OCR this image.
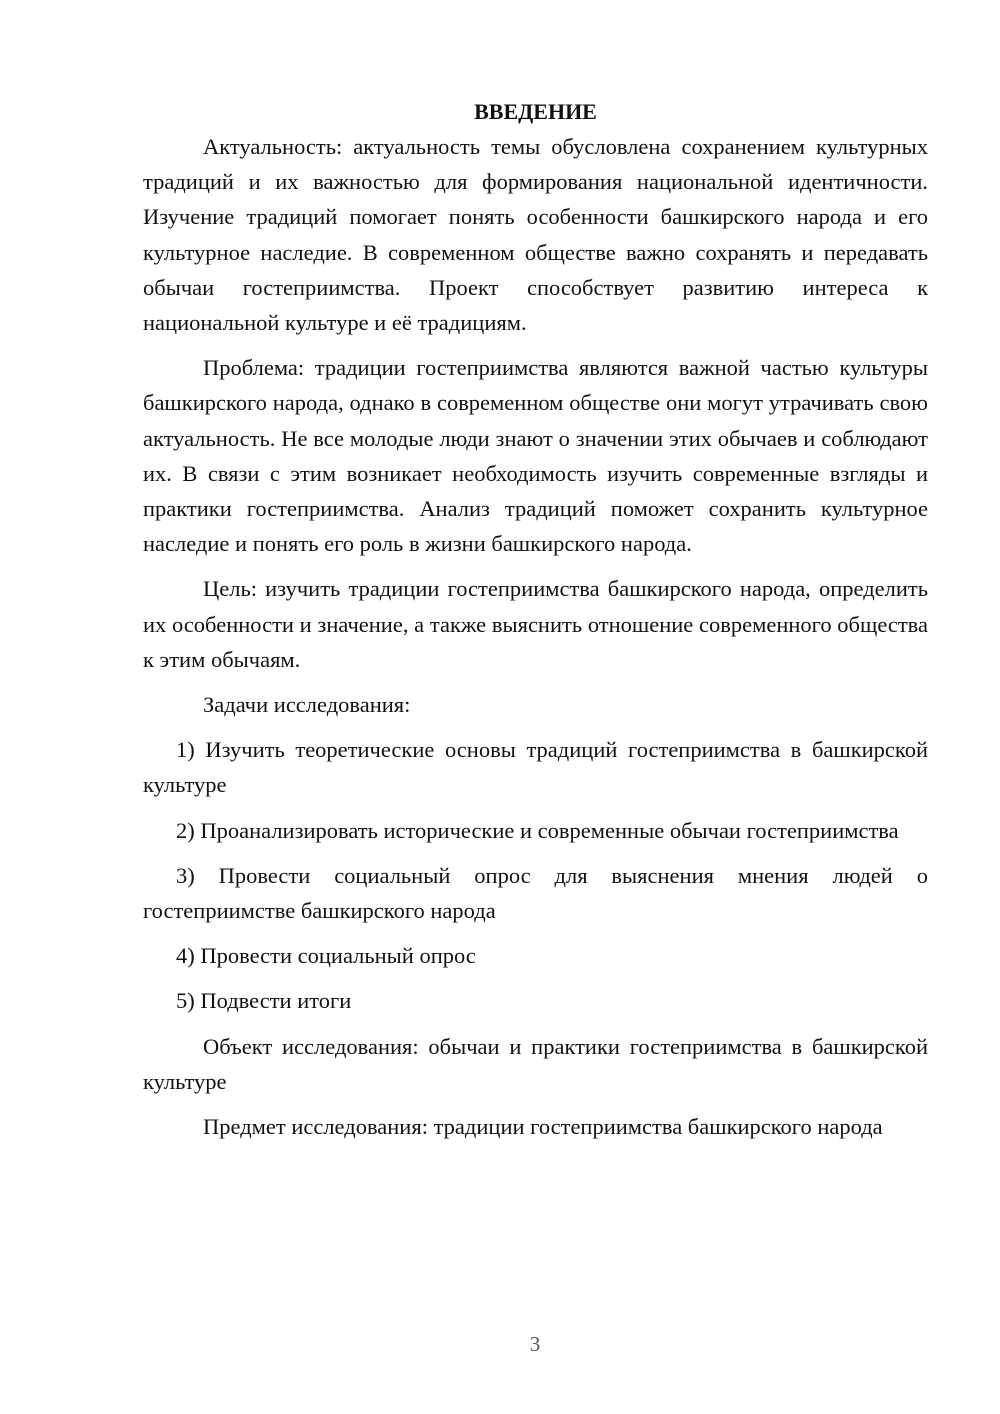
ВВЕДЕНИЕ

Актуальность: актуальность темы обусловлена сохранением культурных традиций и их важностью для формирования национальной идентичности. Изучение традиций помогает понять особенности башкирского народа и его культурное наследие. В современном обществе важно сохранять и передавать обычаи гостеприимства. Проект способствует развитию интереса к национальной культуре и её традициям.

Проблема: традиции гостеприимства являются важной частью культуры башкирского народа, однако в современном обществе они могут утрачивать свою актуальность. Не все молодые люди знают о значении этих обычаев и соблюдают их. В связи с этим возникает необходимость изучить современные взгляды и практики гостеприимства. Анализ традиций поможет сохранить культурное наследие и понять его роль в жизни башкирского народа.

Цель: изучить традиции гостеприимства башкирского народа, определить их особенности и значение, а также выяснить отношение современного общества к этим обычаям.

Задачи исследования:

1) Изучить теоретические основы традиций гостеприимства в башкирской культуре

2) Проанализировать исторические и современные обычаи гостеприимства

3) Провести социальный опрос для выяснения мнения людей о гостеприимстве башкирского народа

4) Провести социальный опрос

5) Подвести итоги

Объект исследования: обычаи и практики гостеприимства в башкирской культуре

Предмет исследования: традиции гостеприимства башкирского народа

3
